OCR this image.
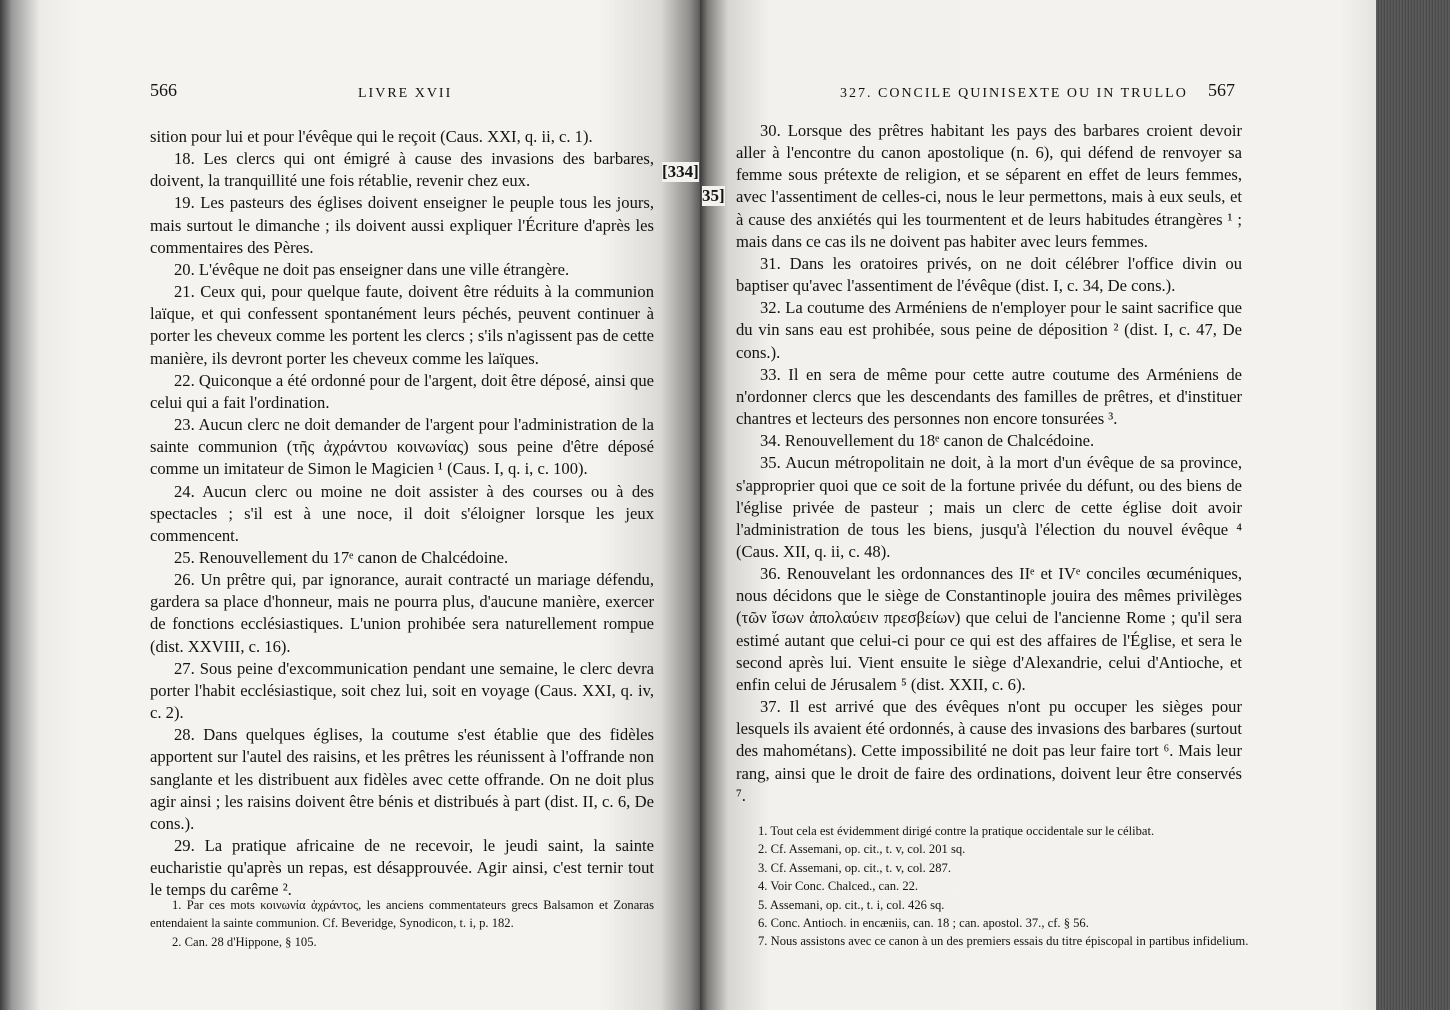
566	LIVRE XVII

sition pour lui et pour l'évêque qui le reçoit (Caus. XXI, q. ii, c. 1).

18. Les clercs qui ont émigré à cause des invasions des barbares, doivent, la tranquillité une fois rétablie, revenir chez eux.

19. Les pasteurs des églises doivent enseigner le peuple tous les jours, mais surtout le dimanche ; ils doivent aussi expliquer l'Écriture d'après les commentaires des Pères.

20. L'évêque ne doit pas enseigner dans une ville étrangère.

21. Ceux qui, pour quelque faute, doivent être réduits à la communion laïque, et qui confessent spontanément leurs péchés, peuvent continuer à porter les cheveux comme les portent les clercs ; s'ils n'agissent pas de cette manière, ils devront porter les cheveux comme les laïques.

22. Quiconque a été ordonné pour de l'argent, doit être déposé, ainsi que celui qui a fait l'ordination.

23. Aucun clerc ne doit demander de l'argent pour l'administration de la sainte communion (τῆς ἀχράντου κοινωνίας) sous peine d'être déposé comme un imitateur de Simon le Magicien ¹ (Caus. I, q. i, c. 100).

24. Aucun clerc ou moine ne doit assister à des courses ou à des spectacles ; s'il est à une noce, il doit s'éloigner lorsque les jeux commencent.

25. Renouvellement du 17ᵉ canon de Chalcédoine.

26. Un prêtre qui, par ignorance, aurait contracté un mariage défendu, gardera sa place d'honneur, mais ne pourra plus, d'aucune manière, exercer de fonctions ecclésiastiques. L'union prohibée sera naturellement rompue (dist. XXVIII, c. 16).

27. Sous peine d'excommunication pendant une semaine, le clerc devra porter l'habit ecclésiastique, soit chez lui, soit en voyage (Caus. XXI, q. iv, c. 2).

28. Dans quelques églises, la coutume s'est établie que des fidèles apportent sur l'autel des raisins, et les prêtres les réunissent à l'offrande non sanglante et les distribuent aux fidèles avec cette offrande. On ne doit plus agir ainsi ; les raisins doivent être bénis et distribués à part (dist. II, c. 6, De cons.).

29. La pratique africaine de ne recevoir, le jeudi saint, la sainte eucharistie qu'après un repas, est désapprouvée. Agir ainsi, c'est ternir tout le temps du carême ².

1. Par ces mots κοινωνία ἀχράντος, les anciens commentateurs grecs Balsamon et Zonaras entendaient la sainte communion. Cf. Beveridge, Synodicon, t. i, p. 182.

2. Can. 28 d'Hippone, § 105.

[334]
327. CONCILE QUINISEXTE OU IN TRULLO 567
35]

30. Lorsque des prêtres habitant les pays des barbares croient devoir aller à l'encontre du canon apostolique (n. 6), qui défend de renvoyer sa femme sous prétexte de religion, et se séparent en effet de leurs femmes, avec l'assentiment de celles-ci, nous le leur permettons, mais à eux seuls, et à cause des anxiétés qui les tourmentent et de leurs habitudes étrangères ¹ ; mais dans ce cas ils ne doivent pas habiter avec leurs femmes.

31. Dans les oratoires privés, on ne doit célébrer l'office divin ou baptiser qu'avec l'assentiment de l'évêque (dist. I, c. 34, De cons.).

32. La coutume des Arméniens de n'employer pour le saint sacrifice que du vin sans eau est prohibée, sous peine de déposition ² (dist. I, c. 47, De cons.).

33. Il en sera de même pour cette autre coutume des Arméniens de n'ordonner clercs que les descendants des familles de prêtres, et d'instituer chantres et lecteurs des personnes non encore tonsurées ³.

34. Renouvellement du 18ᵉ canon de Chalcédoine.

35. Aucun métropolitain ne doit, à la mort d'un évêque de sa province, s'approprier quoi que ce soit de la fortune privée du défunt, ou des biens de l'église privée de pasteur ; mais un clerc de cette église doit avoir l'administration de tous les biens, jusqu'à l'élection du nouvel évêque ⁴ (Caus. XII, q. ii, c. 48).

36. Renouvelant les ordonnances des IIᵉ et IVᵉ conciles œcuméniques, nous décidons que le siège de Constantinople jouira des mêmes privilèges (τῶν ἴσων ἀπολαύειν πρεσβείων) que celui de l'ancienne Rome ; qu'il sera estimé autant que celui-ci pour ce qui est des affaires de l'Église, et sera le second après lui. Vient ensuite le siège d'Alexandrie, celui d'Antioche, et enfin celui de Jérusalem ⁵ (dist. XXII, c. 6).

37. Il est arrivé que des évêques n'ont pu occuper les sièges pour lesquels ils avaient été ordonnés, à cause des invasions des barbares (surtout des mahométans). Cette impossibilité ne doit pas leur faire tort ⁶. Mais leur rang, ainsi que le droit de faire des ordinations, doivent leur être conservés ⁷.

1. Tout cela est évidemment dirigé contre la pratique occidentale sur le célibat.

2. Cf. Assemani, op. cit., t. v, col. 201 sq.

3. Cf. Assemani, op. cit., t. v, col. 287.

4. Voir Conc. Chalced., can. 22.

5. Assemani, op. cit., t. i, col. 426 sq.

6. Conc. Antioch. in encæniis, can. 18 ; can. apostol. 37., cf. § 56.

7. Nous assistons avec ce canon à un des premiers essais du titre épiscopal in partibus infidelium.
